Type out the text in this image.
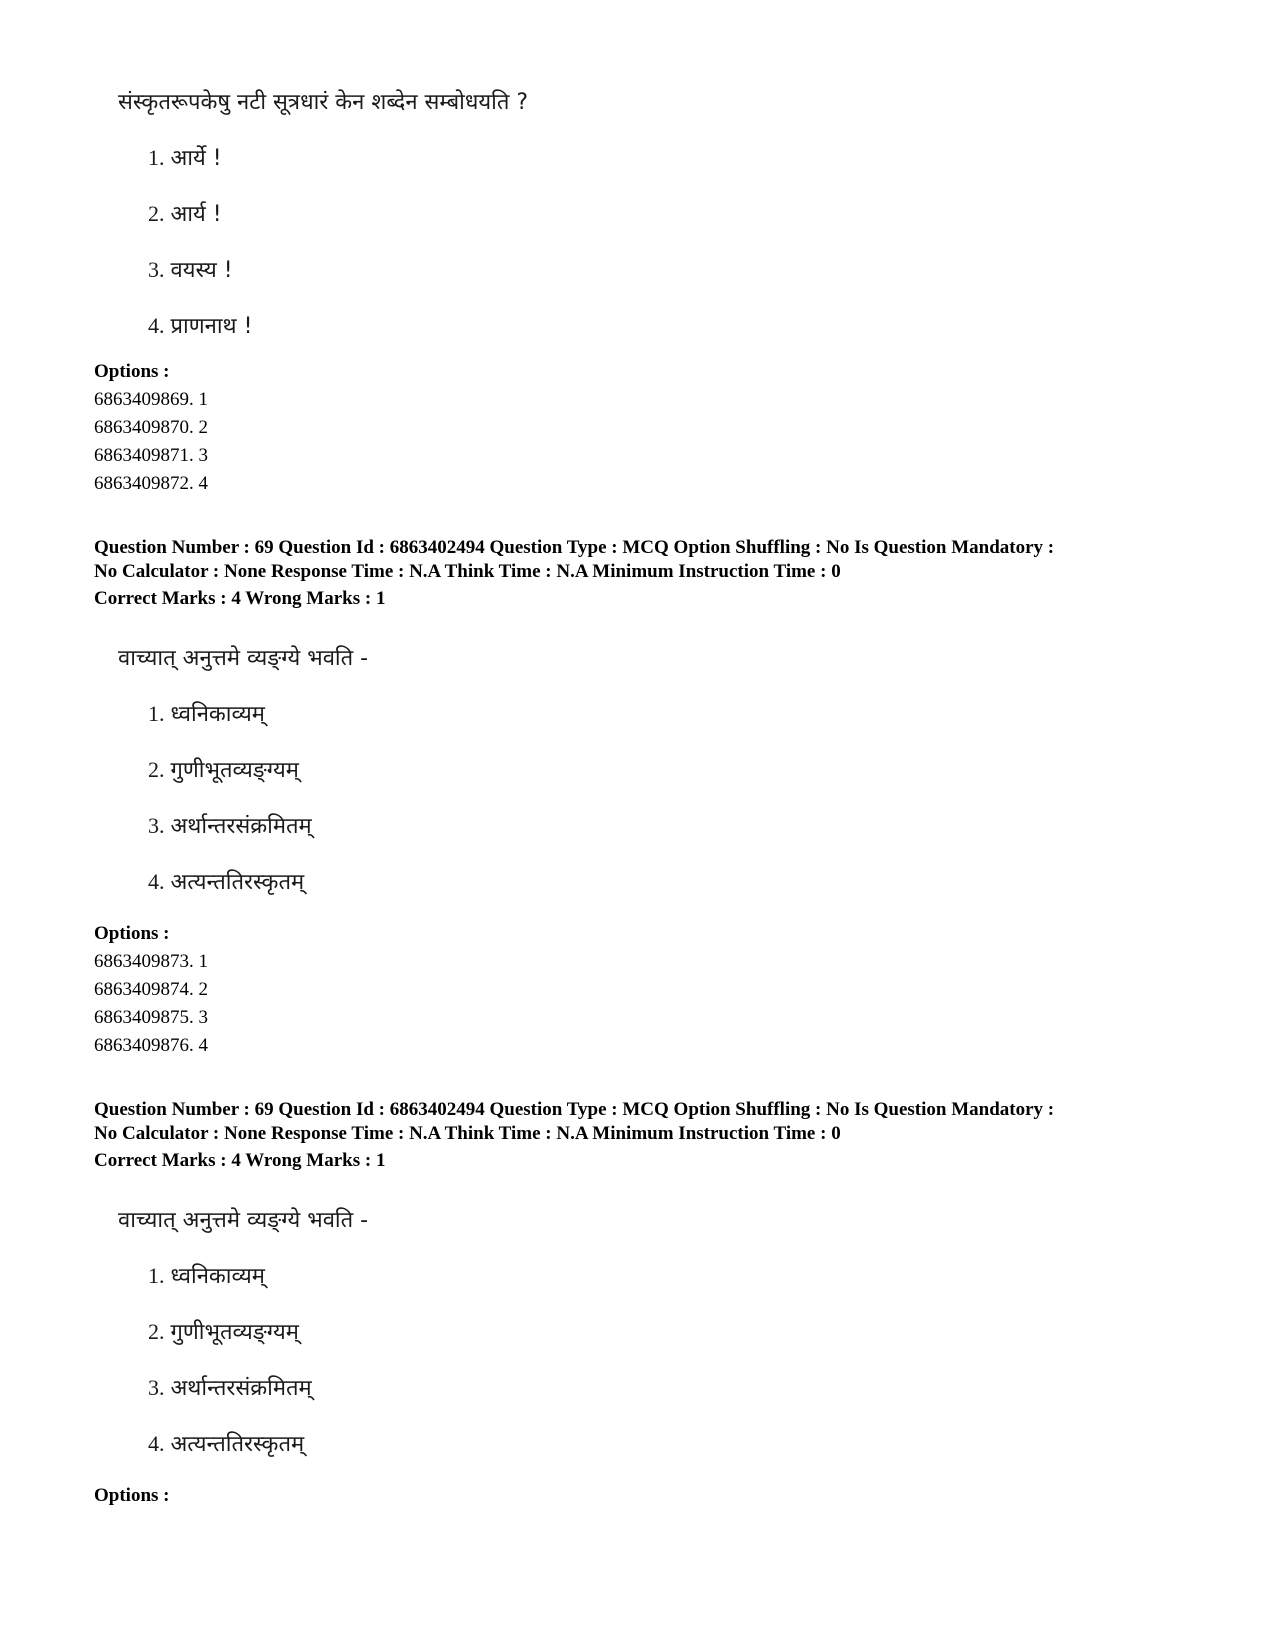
संस्कृतरूपकेषु नटी सूत्रधारं केन शब्देन सम्बोधयति ?
1. आर्ये !
2. आर्य !
3. वयस्य !
4. प्राणनाथ !
Options :
6863409869. 1
6863409870. 2
6863409871. 3
6863409872. 4
Question Number : 69 Question Id : 6863402494 Question Type : MCQ Option Shuffling : No Is Question Mandatory :
No Calculator : None Response Time : N.A Think Time : N.A Minimum Instruction Time : 0
Correct Marks : 4 Wrong Marks : 1
वाच्यात् अनुत्तमे व्यङ्ग्ये भवति -
1. ध्वनिकाव्यम्
2. गुणीभूतव्यङ्ग्यम्
3. अर्थान्तरसंक्रमितम्
4. अत्यन्ततिरस्कृतम्
Options :
6863409873. 1
6863409874. 2
6863409875. 3
6863409876. 4
Question Number : 69 Question Id : 6863402494 Question Type : MCQ Option Shuffling : No Is Question Mandatory :
No Calculator : None Response Time : N.A Think Time : N.A Minimum Instruction Time : 0
Correct Marks : 4 Wrong Marks : 1
वाच्यात् अनुत्तमे व्यङ्ग्ये भवति -
1. ध्वनिकाव्यम्
2. गुणीभूतव्यङ्ग्यम्
3. अर्थान्तरसंक्रमितम्
4. अत्यन्ततिरस्कृतम्
Options :
